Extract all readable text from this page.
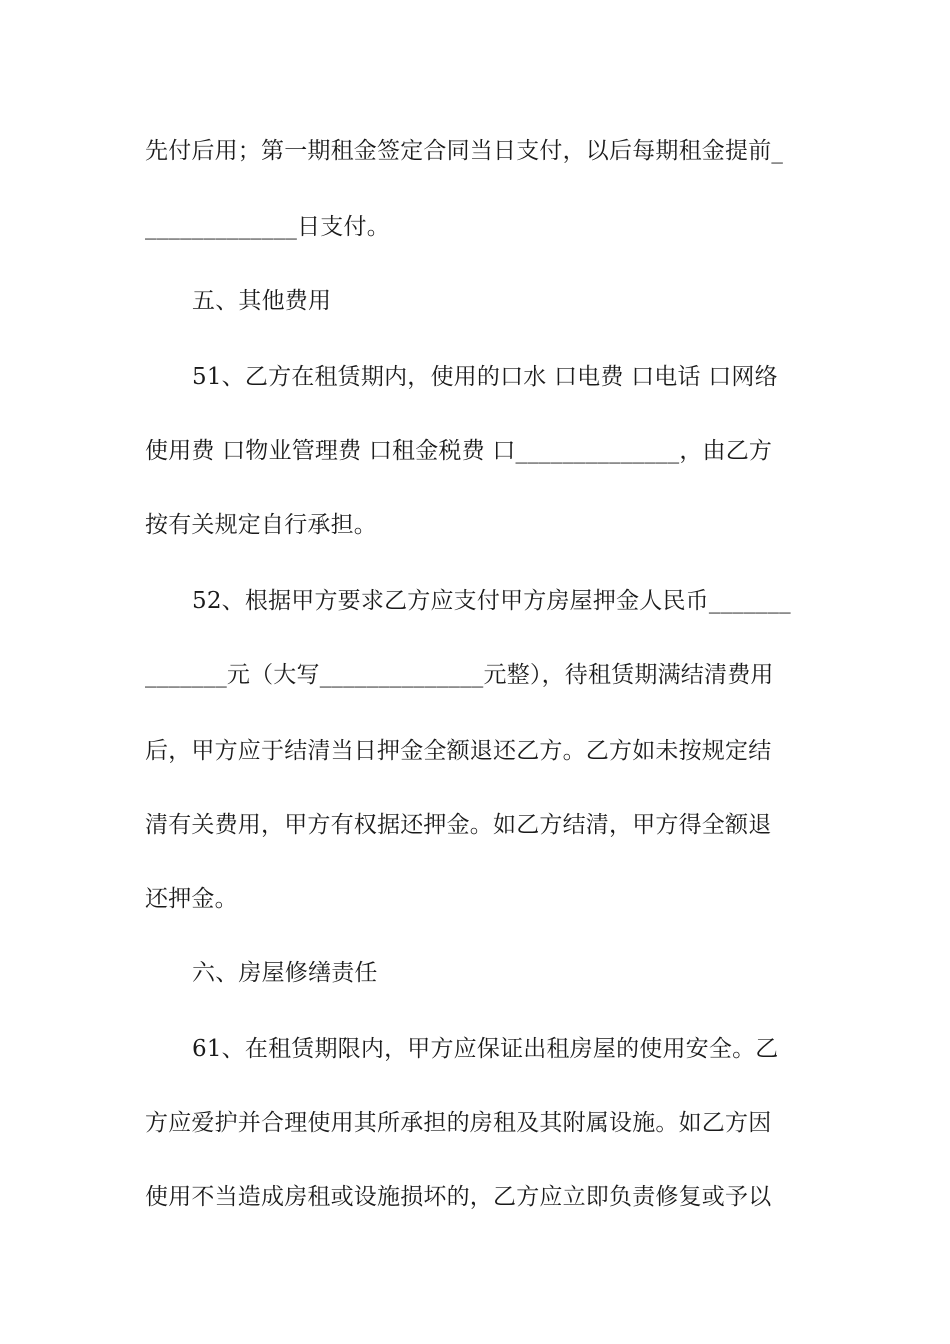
先付后用；第一期租金签定合同当日支付，以后每期租金提前_
_____________日支付。
五、其他费用
51、乙方在租赁期内，使用的口水 口电费 口电话 口网络
使用费 口物业管理费 口租金税费 口______________，由乙方
按有关规定自行承担。
52、根据甲方要求乙方应支付甲方房屋押金人民币_______
_______元（大写______________元整），待租赁期满结清费用
后，甲方应于结清当日押金全额退还乙方。乙方如未按规定结
清有关费用，甲方有权据还押金。如乙方结清，甲方得全额退
还押金。
六、房屋修缮责任
61、在租赁期限内，甲方应保证出租房屋的使用安全。乙
方应爱护并合理使用其所承担的房租及其附属设施。如乙方因
使用不当造成房租或设施损坏的，乙方应立即负责修复或予以
